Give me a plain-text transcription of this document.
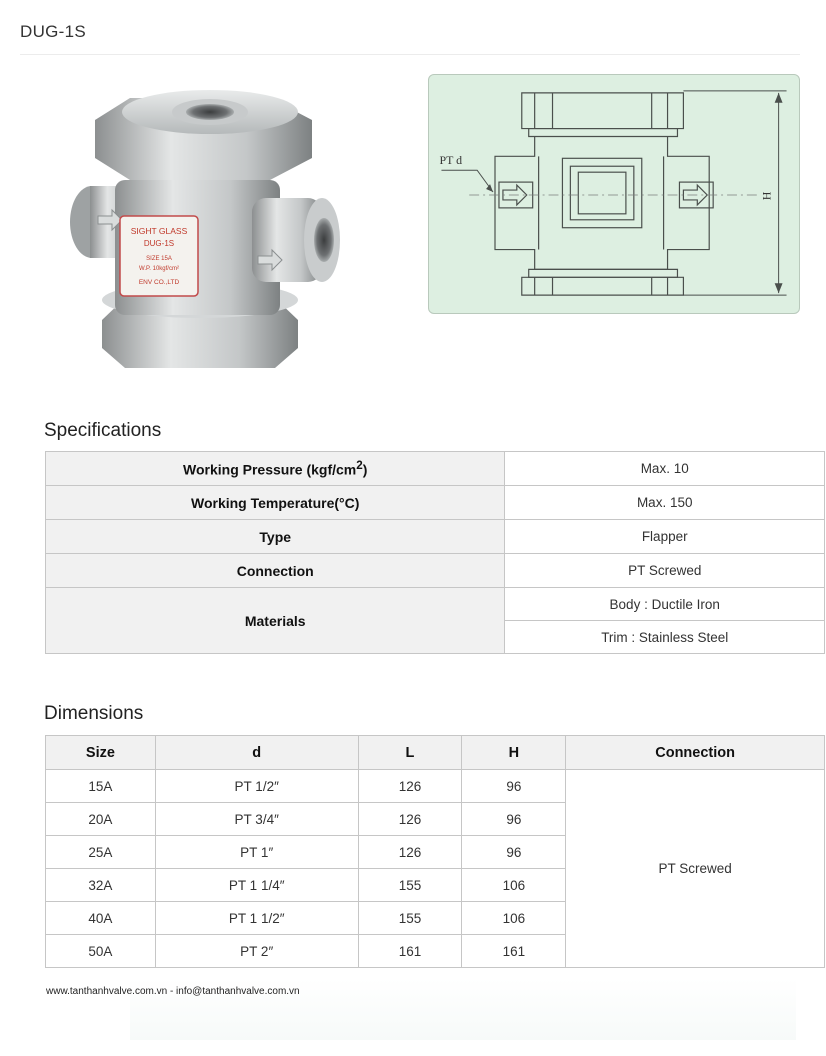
DUG-1S
SIGHT GLASS
DUG-1S
SIZE 15A
W.P. 10kgf/cm²
ENV CO.,LTD
H
PT d
Specifications
Working Pressure $(kgf/cm^2)$	Max. 10
Working Temperature(°C)	Max. 150
Type	Flapper
Connection	PT Screwed
Materials	Body : Ductile Iron
	Trim : Stainless Steel
Dimensions
Size	d	L	H	Connection
15A	PT 1/2″	126	96	PT Screwed
20A	PT 3/4″	126	96	
25A	PT 1″	126	96	
32A	PT 1 1/4″	155	106	
40A	PT 1 1/2″	155	106	
50A	PT 2″	161	161	
www.tanthanhvalve.com.vn - info@tanthanhvalve.com.vn
